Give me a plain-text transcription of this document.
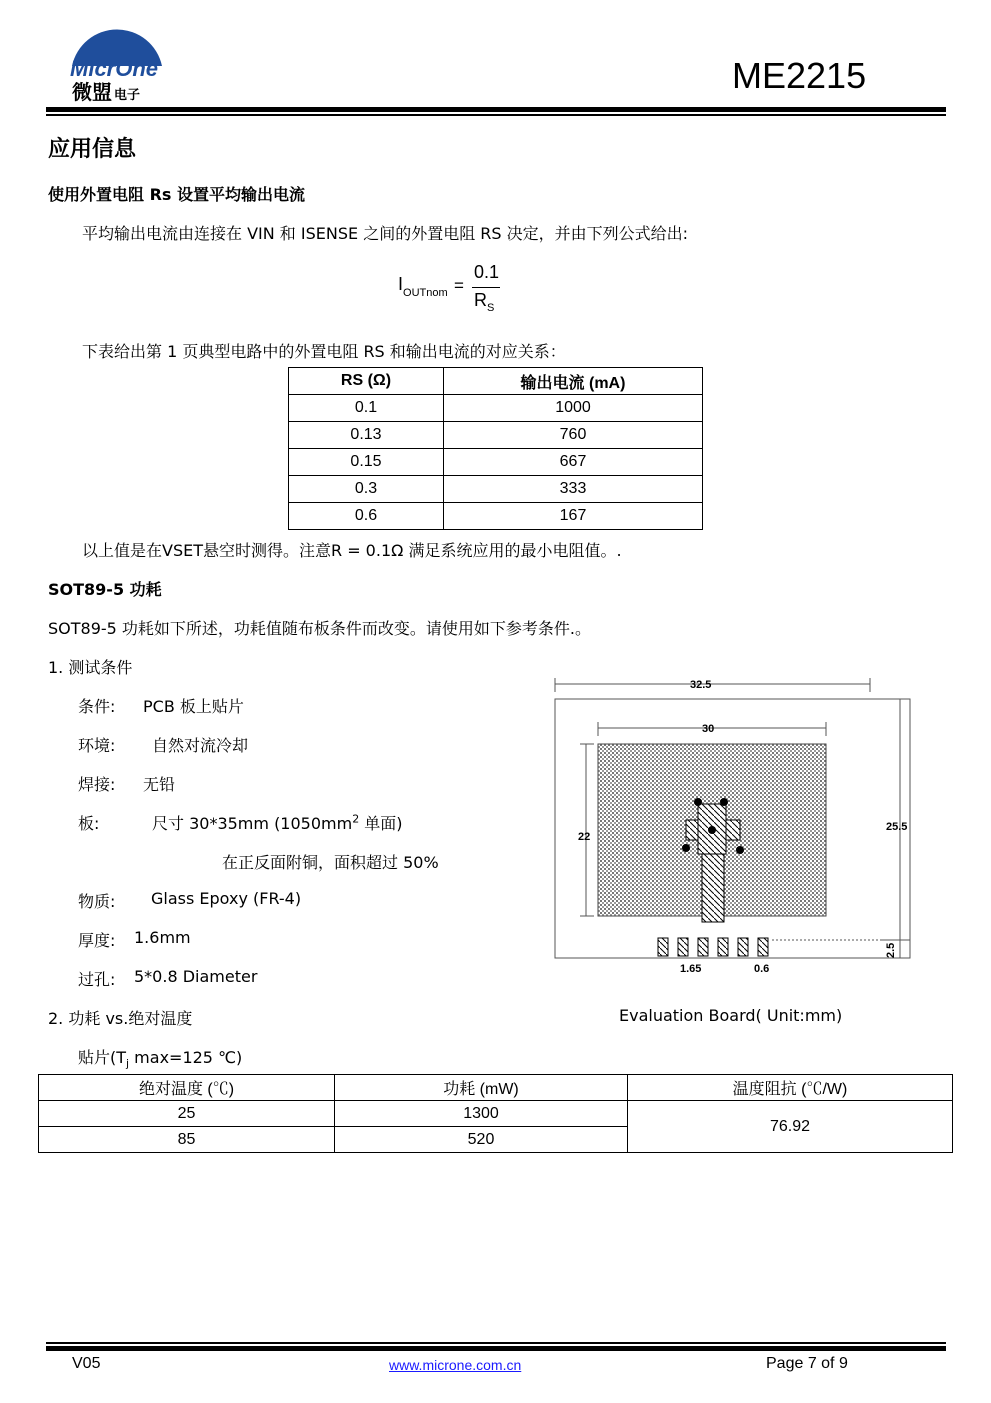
MicrOne
微盟 电子	ME2215
应用信息
使用外置电阻 Rs 设置平均输出电流
平均输出电流由连接在 VIN 和 ISENSE 之间的外置电阻 RS 决定，并由下列公式给出:
$I_{OUTnom}$ =
0.1
$R_S$
下表给出第 1 页典型电路中的外置电阻 RS 和输出电流的对应关系：
RS (Ω)	输出电流 (mA)
0.1	1000
0.13	760
0.15	667
0.3	333
0.6	167
以上值是在VSET悬空时测得。注意R = 0.1Ω 满足系统应用的最小电阻值。.
SOT89-5 功耗
SOT89-5 功耗如下所述，功耗值随布板条件而改变。请使用如下参考条件.。
1. 测试条件
条件: PCB 板上贴片
环境: 自然对流冷却
焊接: 无铅
板:	尺寸 30*35mm ($1050mm^2$ 单面)
在正反面附铜，面积超过 50%
物质: Glass Epoxy (FR-4)
厚度: 1.6mm
过孔: 5*0.8 Diameter
2. 功耗 vs.绝对温度
贴片($T_j$ max=125 ℃)
32.5
30
22
25.5
2.5
1.65	0.6
Evaluation Board( Unit:mm)
绝对温度 (℃)	功耗 (mW)	温度阻抗 (℃/W)
25	1300	76.92
85	520	
V05	www.microne.com.cn	Page 7 of 9
